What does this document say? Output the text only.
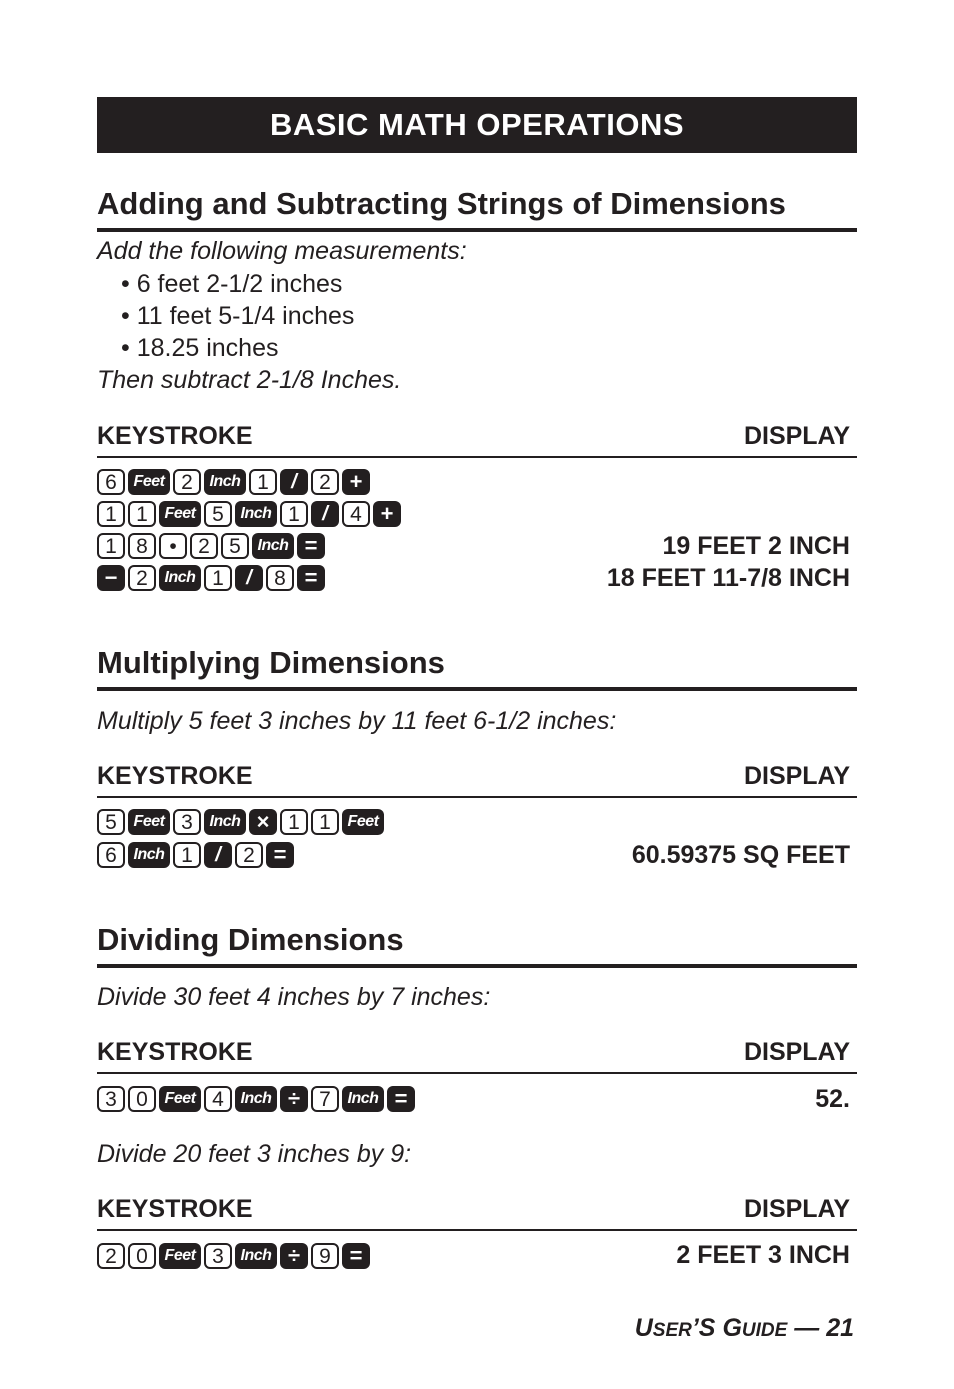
BASIC MATH OPERATIONS
Adding and Subtracting Strings of Dimensions
Add the following measurements:
• 6 feet 2-1/2 inches
• 11 feet 5-1/4 inches
• 18.25 inches
Then subtract 2-1/8 Inches.
KEYSTROKE	DISPLAY
6	Feet 2	Inch 1	/	2 +
1 1	Feet 5	Inch 1	/	4 +
1 8	•	2 5	Inch =	19 FEET 2 INCH
− 2	Inch 1	/	8 =	18 FEET 11-7/8 INCH
Multiplying Dimensions
Multiply 5 feet 3 inches by 11 feet 6-1/2 inches:
KEYSTROKE	DISPLAY
5	Feet 3	Inch × 1 1	Feet
6	Inch 1	/	2 =	60.59375 SQ FEET
Dividing Dimensions
Divide 30 feet 4 inches by 7 inches:
KEYSTROKE	DISPLAY
3 0	Feet 4	Inch ÷ 7	Inch =	52.
Divide 20 feet 3 inches by 9:
KEYSTROKE	DISPLAY
2 0	Feet 3	Inch ÷ 9 =	2 FEET 3 INCH
USER’S GUIDE — 21
